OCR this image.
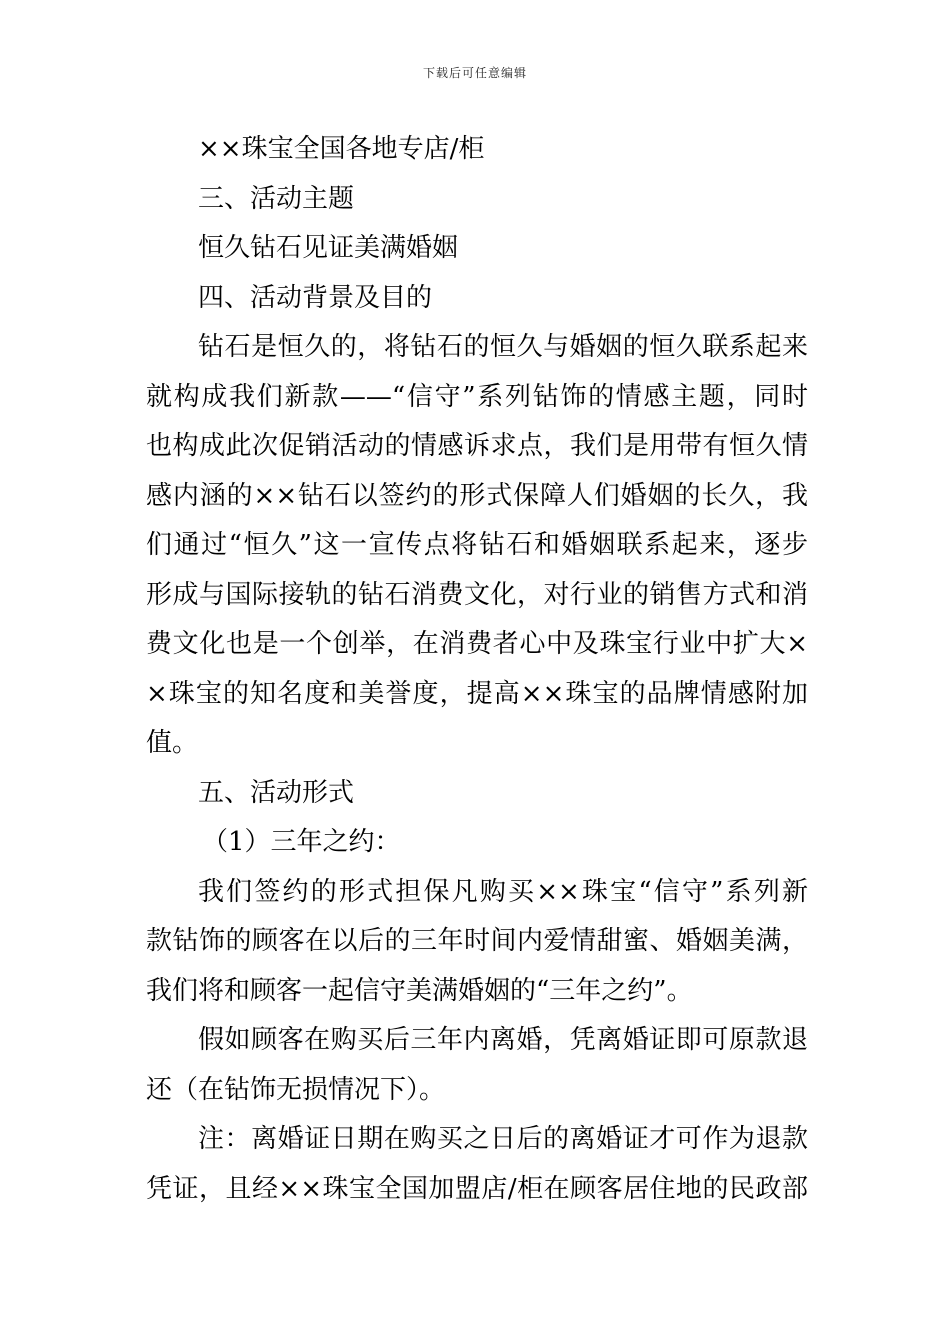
下载后可任意编辑
××珠宝全国各地专店/柜
三、活动主题
恒久钻石见证美满婚姻
四、活动背景及目的
钻石是恒久的，将钻石的恒久与婚姻的恒久联系起来
就构成我们新款——“信守”系列钻饰的情感主题，同时
也构成此次促销活动的情感诉求点，我们是用带有恒久情
感内涵的××钻石以签约的形式保障人们婚姻的长久，我
们通过“恒久”这一宣传点将钻石和婚姻联系起来，逐步
形成与国际接轨的钻石消费文化，对行业的销售方式和消
费文化也是一个创举，在消费者心中及珠宝行业中扩大×
×珠宝的知名度和美誉度，提高××珠宝的品牌情感附加
值。
五、活动形式
（1）三年之约：
我们签约的形式担保凡购买××珠宝“信守”系列新
款钻饰的顾客在以后的三年时间内爱情甜蜜、婚姻美满，
我们将和顾客一起信守美满婚姻的“三年之约”。
假如顾客在购买后三年内离婚，凭离婚证即可原款退
还（在钻饰无损情况下）。
注：离婚证日期在购买之日后的离婚证才可作为退款
凭证，且经××珠宝全国加盟店/柜在顾客居住地的民政部
